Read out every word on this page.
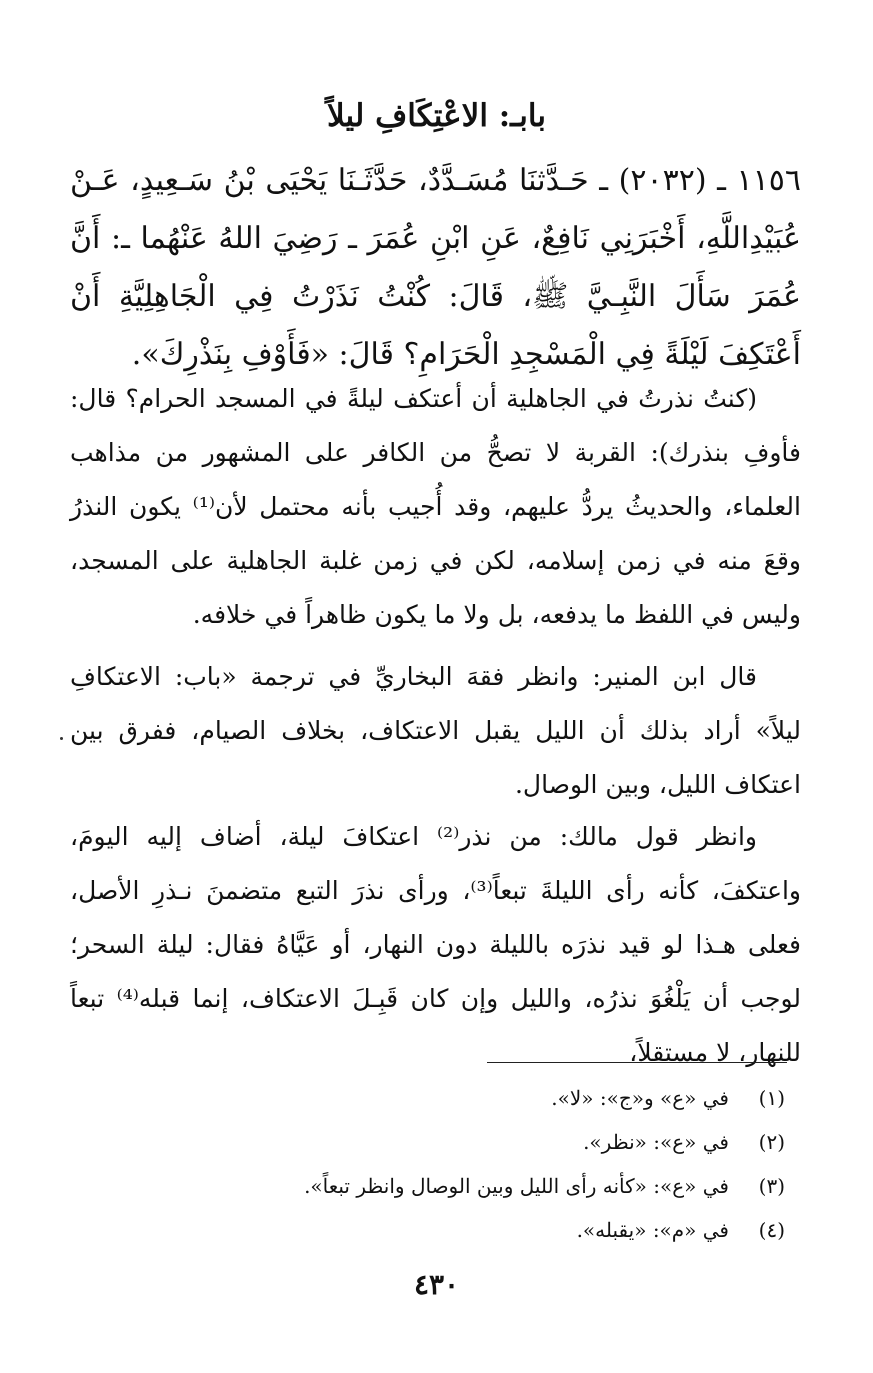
بابـ: الاعْتِكَافِ ليلاً

١١٥٦ ـ (٢٠٣٢) ـ حَـدَّثنَا مُسَـدَّدٌ، حَدَّثَـنَا يَحْيَى بْنُ سَـعِيدٍ، عَـنْ عُبَيْدِاللَّهِ، أَخْبَرَنِي نَافِعٌ، عَنِ ابْنِ عُمَرَ ـ رَضِيَ اللهُ عَنْهُما ـ: أَنَّ عُمَرَ سَأَلَ النَّبِـيَّ ﷺ، قَالَ: كُنْتُ نَذَرْتُ فِي الْجَاهِلِيَّةِ أَنْ أَعْتَكِفَ لَيْلَةً فِي الْمَسْجِدِ الْحَرَامِ؟ قَالَ: «فَأَوْفِ بِنَذْرِكَ».

(كنتُ نذرتُ في الجاهلية أن أعتكف ليلةً في المسجد الحرام؟ قال: فأوفِ بنذرك): القربة لا تصحُّ من الكافر على المشهور من مذاهب العلماء، والحديثُ يردُّ عليهم، وقد أُجيب بأنه محتمل لأن⁽¹⁾ يكون النذرُ وقعَ منه في زمن إسلامه، لكن في زمن غلبة الجاهلية على المسجد، وليس في اللفظ ما يدفعه، بل ولا ما يكون ظاهراً في خلافه.

قال ابن المنير: وانظر فقهَ البخاريِّ في ترجمة «باب: الاعتكافِ ليلاً» أراد بذلك أن الليل يقبل الاعتكاف، بخلاف الصيام، ففرق بين اعتكاف الليل، وبين الوصال.

وانظر قول مالك: من نذر⁽²⁾ اعتكافَ ليلة، أضاف إليه اليومَ، واعتكفَ، كأنه رأى الليلةَ تبعاً⁽³⁾، ورأى نذرَ التبع متضمنَ نـذرِ الأصل، فعلى هـذا لو قيد نذرَه بالليلة دون النهار، أو عَيَّاهُ فقال: ليلة السحر؛ لوجب أن يَلْغُوَ نذرُه، والليل وإن كان قَبِـلَ الاعتكاف، إنما قبله⁽⁴⁾ تبعاً للنهار، لا مستقلاً،

(١)في «ع» و«ج»: «لا».
(٢)في «ع»: «نظر».
(٣)في «ع»: «كأنه رأى الليل وبين الوصال وانظر تبعاً».
(٤)في «م»: «يقبله».
٤٣٠
